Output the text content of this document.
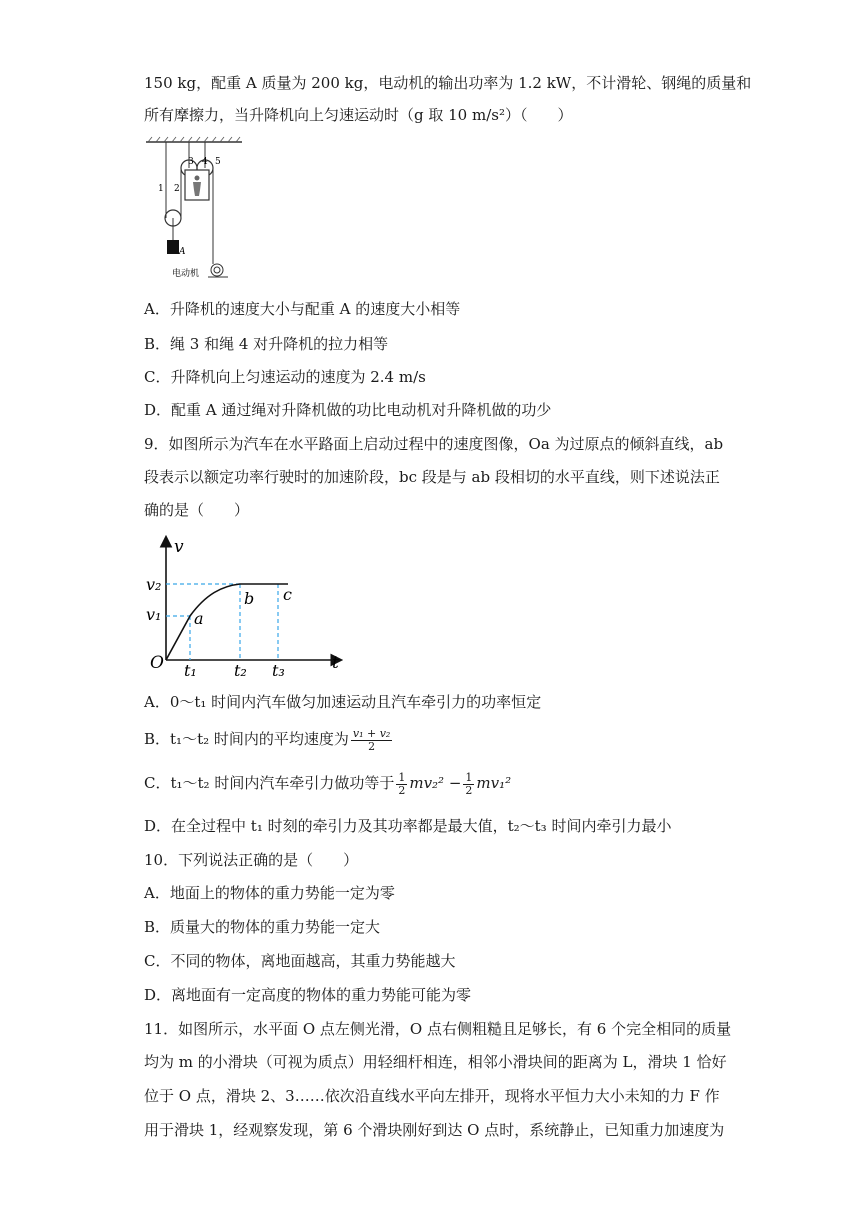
150 kg，配重 A 质量为 200 kg，电动机的输出功率为 1.2 kW，不计滑轮、钢绳的质量和
所有摩擦力，当升降机向上匀速运动时（g 取 10 m/s²）（　　）
1 2
3 4 5
A
电动机
A．升降机的速度大小与配重 A 的速度大小相等
B．绳 3 和绳 4 对升降机的拉力相等
C．升降机向上匀速运动的速度为 2.4 m/s
D．配重 A 通过绳对升降机做的功比电动机对升降机做的功少
9．如图所示为汽车在水平路面上启动过程中的速度图像，Oa 为过原点的倾斜直线，ab
段表示以额定功率行驶时的加速阶段，bc 段是与 ab 段相切的水平直线，则下述说法正
确的是（　　）
v
t
O
v₂
v₁ a
b c
t₁ t₂ t₃
A．0～t₁ 时间内汽车做匀加速运动且汽车牵引力的功率恒定
B．t₁～t₂ 时间内的平均速度为 $\frac{\text{v₁ + v₂}}{2}$
C．t₁～t₂ 时间内汽车牵引力做功等于 $\frac{1}{2} mv_2^2 - \frac{1}{2} mv_1^2$
D．在全过程中 t₁ 时刻的牵引力及其功率都是最大值，t₂～t₃ 时间内牵引力最小
10．下列说法正确的是（　　）
A．地面上的物体的重力势能一定为零
B．质量大的物体的重力势能一定大
C．不同的物体，离地面越高，其重力势能越大
D．离地面有一定高度的物体的重力势能可能为零
11．如图所示，水平面 O 点左侧光滑，O 点右侧粗糙且足够长，有 6 个完全相同的质量
均为 m 的小滑块（可视为质点）用轻细杆相连，相邻小滑块间的距离为 L，滑块 1 恰好
位于 O 点，滑块 2、3……依次沿直线水平向左排开，现将水平恒力大小未知的力 F 作
用于滑块 1，经观察发现，第 6 个滑块刚好到达 O 点时，系统静止，已知重力加速度为
